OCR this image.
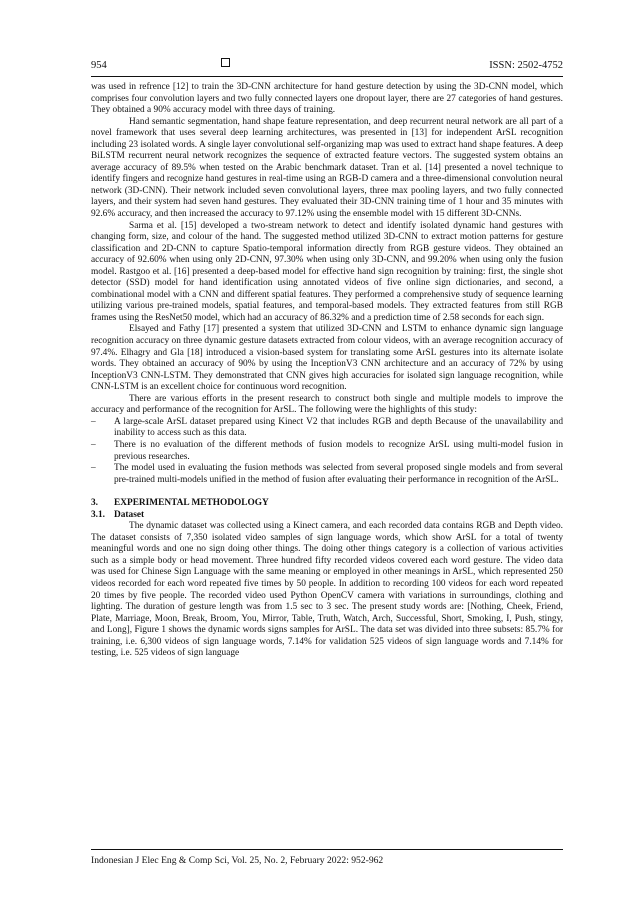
954	ISSN: 2502-4752

was used in refrence [12] to train the 3D-CNN architecture for hand gesture detection by using the 3D-CNN model, which comprises four convolution layers and two fully connected layers one dropout layer, there are 27 categories of hand gestures. They obtained a 90% accuracy model with three days of training.

Hand semantic segmentation, hand shape feature representation, and deep recurrent neural network are all part of a novel framework that uses several deep learning architectures, was presented in [13] for independent ArSL recognition including 23 isolated words. A single layer convolutional self-organizing map was used to extract hand shape features. A deep BiLSTM recurrent neural network recognizes the sequence of extracted feature vectors. The suggested system obtains an average accuracy of 89.5% when tested on the Arabic benchmark dataset. Tran et al. [14] presented a novel technique to identify fingers and recognize hand gestures in real-time using an RGB-D camera and a three-dimensional convolution neural network (3D-CNN). Their network included seven convolutional layers, three max pooling layers, and two fully connected layers, and their system had seven hand gestures. They evaluated their 3D-CNN training time of 1 hour and 35 minutes with 92.6% accuracy, and then increased the accuracy to 97.12% using the ensemble model with 15 different 3D-CNNs.

Sarma et al. [15] developed a two-stream network to detect and identify isolated dynamic hand gestures with changing form, size, and colour of the hand. The suggested method utilized 3D-CNN to extract motion patterns for gesture classification and 2D-CNN to capture Spatio-temporal information directly from RGB gesture videos. They obtained an accuracy of 92.60% when using only 2D-CNN, 97.30% when using only 3D-CNN, and 99.20% when using only the fusion model. Rastgoo et al. [16] presented a deep-based model for effective hand sign recognition by training: first, the single shot detector (SSD) model for hand identification using annotated videos of five online sign dictionaries, and second, a combinational model with a CNN and different spatial features. They performed a comprehensive study of sequence learning utilizing various pre-trained models, spatial features, and temporal-based models. They extracted features from still RGB frames using the ResNet50 model, which had an accuracy of 86.32% and a prediction time of 2.58 seconds for each sign.

Elsayed and Fathy [17] presented a system that utilized 3D-CNN and LSTM to enhance dynamic sign language recognition accuracy on three dynamic gesture datasets extracted from colour videos, with an average recognition accuracy of 97.4%. Elhagry and Gla [18] introduced a vision-based system for translating some ArSL gestures into its alternate isolate words. They obtained an accuracy of 90% by using the InceptionV3 CNN architecture and an accuracy of 72% by using InceptionV3 CNN-LSTM. They demonstrated that CNN gives high accuracies for isolated sign language recognition, while CNN-LSTM is an excellent choice for continuous word recognition.

There are various efforts in the present research to construct both single and multiple models to improve the accuracy and performance of the recognition for ArSL. The following were the highlights of this study:

– A large-scale ArSL dataset prepared using Kinect V2 that includes RGB and depth Because of the unavailability and inability to access such as this data.
– There is no evaluation of the different methods of fusion models to recognize ArSL using multi-model fusion in previous researches.
– The model used in evaluating the fusion methods was selected from several proposed single models and from several pre-trained multi-models unified in the method of fusion after evaluating their performance in recognition of the ArSL.
3. EXPERIMENTAL METHODOLOGY
3.1. Dataset

The dynamic dataset was collected using a Kinect camera, and each recorded data contains RGB and Depth video. The dataset consists of 7,350 isolated video samples of sign language words, which show ArSL for a total of twenty meaningful words and one no sign doing other things. The doing other things category is a collection of various activities such as a simple body or head movement. Three hundred fifty recorded videos covered each word gesture. The video data was used for Chinese Sign Language with the same meaning or employed in other meanings in ArSL, which represented 250 videos recorded for each word repeated five times by 50 people. In addition to recording 100 videos for each word repeated 20 times by five people. The recorded video used Python OpenCV camera with variations in surroundings, clothing and lighting. The duration of gesture length was from 1.5 sec to 3 sec. The present study words are: [Nothing, Cheek, Friend, Plate, Marriage, Moon, Break, Broom, You, Mirror, Table, Truth, Watch, Arch, Successful, Short, Smoking, I, Push, stingy, and Long], Figure 1 shows the dynamic words signs samples for ArSL. The data set was divided into three subsets: 85.7% for training, i.e. 6,300 videos of sign language words, 7.14% for validation 525 videos of sign language words and 7.14% for testing, i.e. 525 videos of sign language

Indonesian J Elec Eng & Comp Sci, Vol. 25, No. 2, February 2022: 952-962
